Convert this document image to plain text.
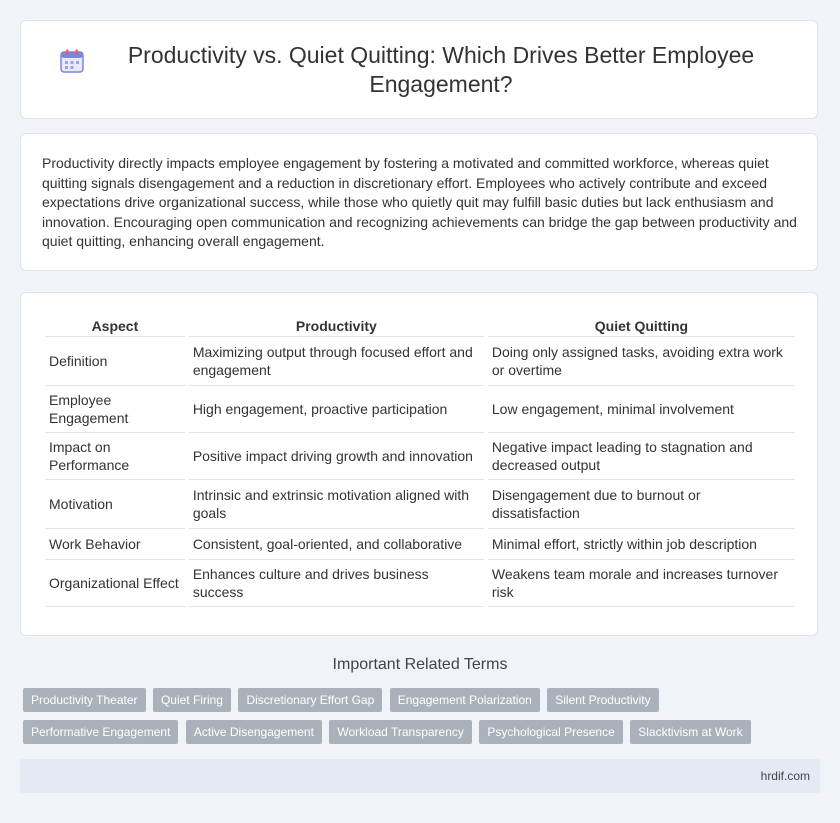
Productivity vs. Quiet Quitting: Which Drives Better Employee Engagement?

Productivity directly impacts employee engagement by fostering a motivated and committed workforce, whereas quiet quitting signals disengagement and a reduction in discretionary effort. Employees who actively contribute and exceed expectations drive organizational success, while those who quietly quit may fulfill basic duties but lack enthusiasm and innovation. Encouraging open communication and recognizing achievements can bridge the gap between productivity and quiet quitting, enhancing overall engagement.

Aspect	Productivity	Quiet Quitting
Definition	Maximizing output through focused effort and engagement	Doing only assigned tasks, avoiding extra work or overtime
Employee Engagement	High engagement, proactive participation	Low engagement, minimal involvement
Impact on Performance	Positive impact driving growth and innovation	Negative impact leading to stagnation and decreased output
Motivation	Intrinsic and extrinsic motivation aligned with goals	Disengagement due to burnout or dissatisfaction
Work Behavior	Consistent, goal-oriented, and collaborative	Minimal effort, strictly within job description
Organizational Effect	Enhances culture and drives business success	Weakens team morale and increases turnover risk
Important Related Terms
Productivity Theater Quiet Firing Discretionary Effort Gap Engagement Polarization Silent Productivity Performative Engagement Active Disengagement Workload Transparency Psychological Presence Slacktivism at Work
hrdif.com
